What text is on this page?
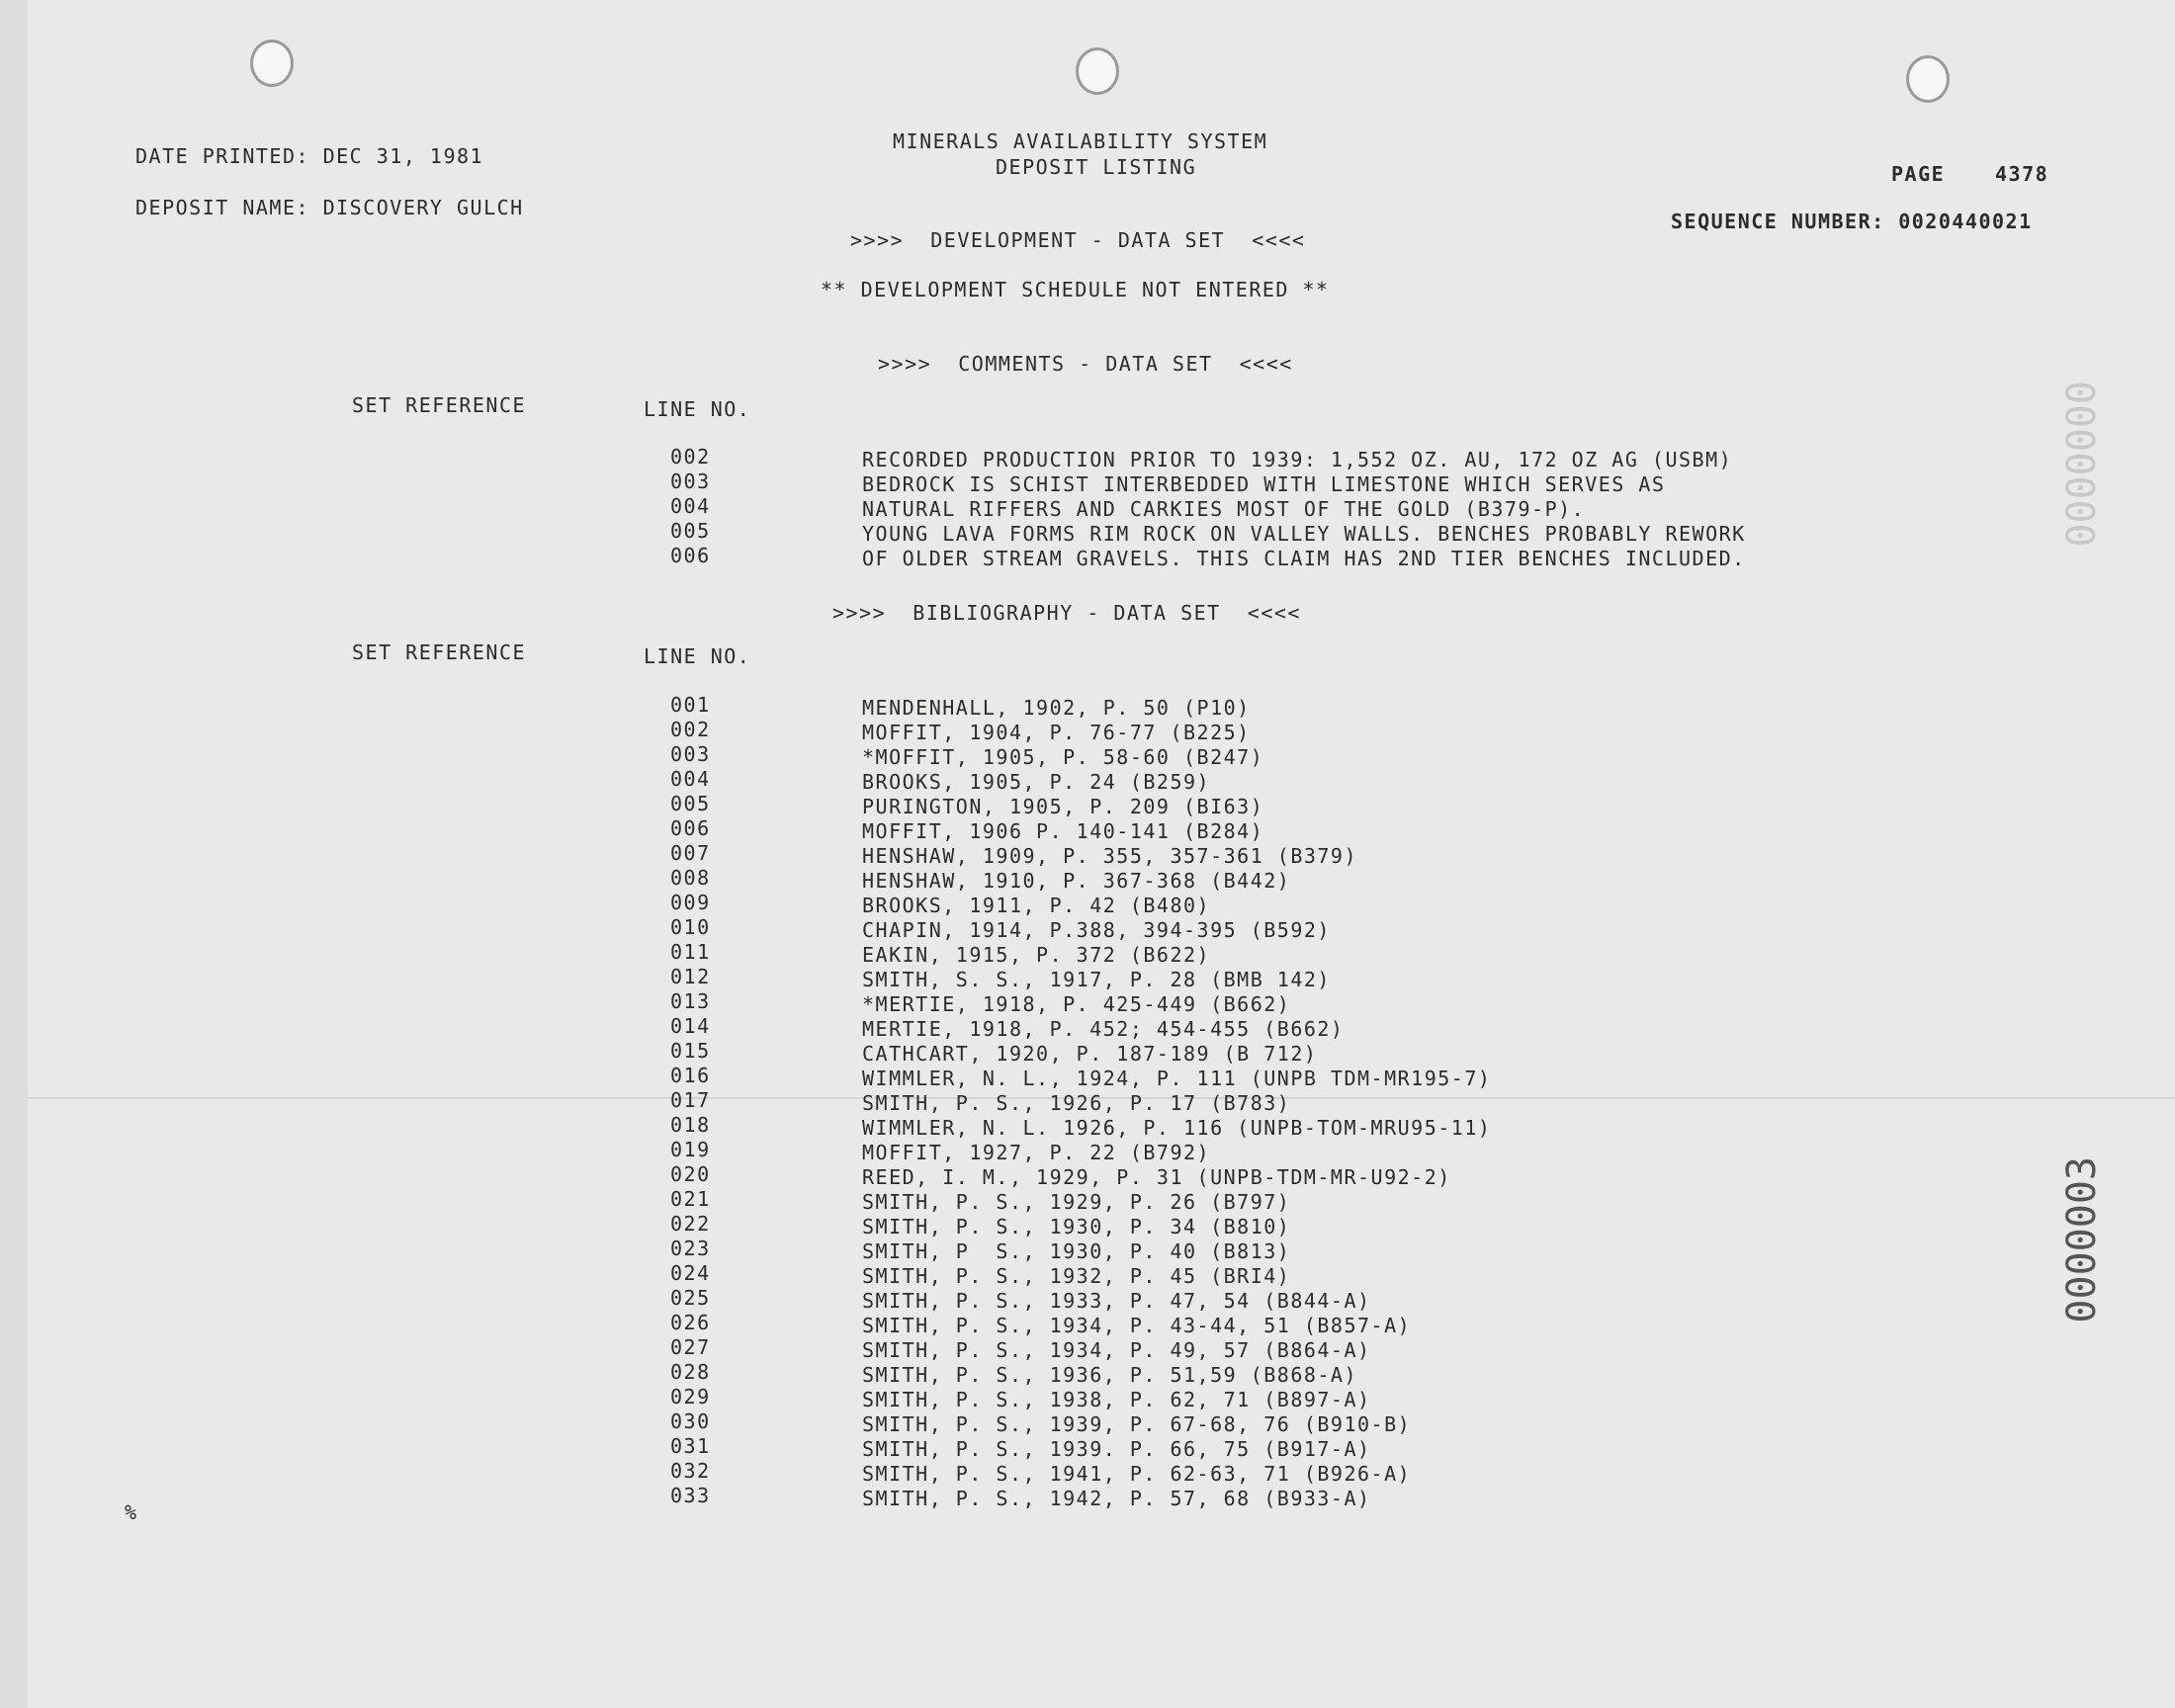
DATE PRINTED: DEC 31, 1981
DEPOSIT NAME: DISCOVERY GULCH
MINERALS AVAILABILITY SYSTEM
DEPOSIT LISTING	PAGE	4378
SEQUENCE NUMBER: 0020440021
>>>>  DEVELOPMENT - DATA SET  <<<<
** DEVELOPMENT SCHEDULE NOT ENTERED **
>>>>  COMMENTS - DATA SET  <<<<
SET REFERENCE	LINE NO.
002	RECORDED PRODUCTION PRIOR TO 1939: 1,552 OZ. AU, 172 OZ AG (USBM)
003	BEDROCK IS SCHIST INTERBEDDED WITH LIMESTONE WHICH SERVES AS
004	NATURAL RIFFERS AND CARKIES MOST OF THE GOLD (B379-P).
005	YOUNG LAVA FORMS RIM ROCK ON VALLEY WALLS. BENCHES PROBABLY REWORK
006	OF OLDER STREAM GRAVELS. THIS CLAIM HAS 2ND TIER BENCHES INCLUDED.
>>>>  BIBLIOGRAPHY - DATA SET  <<<<
SET REFERENCE	LINE NO.
001	MENDENHALL, 1902, P. 50 (P10)
002	MOFFIT, 1904, P. 76-77 (B225)
003	*MOFFIT, 1905, P. 58-60 (B247)
004	BROOKS, 1905, P. 24 (B259)
005	PURINGTON, 1905, P. 209 (BI63)
006	MOFFIT, 1906 P. 140-141 (B284)
007	HENSHAW, 1909, P. 355, 357-361 (B379)
008	HENSHAW, 1910, P. 367-368 (B442)
009	BROOKS, 1911, P. 42 (B480)
010	CHAPIN, 1914, P.388, 394-395 (B592)
011	EAKIN, 1915, P. 372 (B622)
012	SMITH, S. S., 1917, P. 28 (BMB 142)
013	*MERTIE, 1918, P. 425-449 (B662)
014	MERTIE, 1918, P. 452; 454-455 (B662)
015	CATHCART, 1920, P. 187-189 (B 712)
016	WIMMLER, N. L., 1924, P. 111 (UNPB TDM-MR195-7)
017	SMITH, P. S., 1926, P. 17 (B783)
018	WIMMLER, N. L. 1926, P. 116 (UNPB-TOM-MRU95-11)
019	MOFFIT, 1927, P. 22 (B792)
020	REED, I. M., 1929, P. 31 (UNPB-TDM-MR-U92-2)
021	SMITH, P. S., 1929, P. 26 (B797)
022	SMITH, P. S., 1930, P. 34 (B810)
023	SMITH, P  S., 1930, P. 40 (B813)
024	SMITH, P. S., 1932, P. 45 (BRI4)
025	SMITH, P. S., 1933, P. 47, 54 (B844-A)
026	SMITH, P. S., 1934, P. 43-44, 51 (B857-A)
027	SMITH, P. S., 1934, P. 49, 57 (B864-A)
028	SMITH, P. S., 1936, P. 51,59 (B868-A)
029	SMITH, P. S., 1938, P. 62, 71 (B897-A)
030	SMITH, P. S., 1939, P. 67-68, 76 (B910-B)
031	SMITH, P. S., 1939. P. 66, 75 (B917-A)
032	SMITH, P. S., 1941, P. 62-63, 71 (B926-A)
033	SMITH, P. S., 1942, P. 57, 68 (B933-A)
%
0000000
0000003
